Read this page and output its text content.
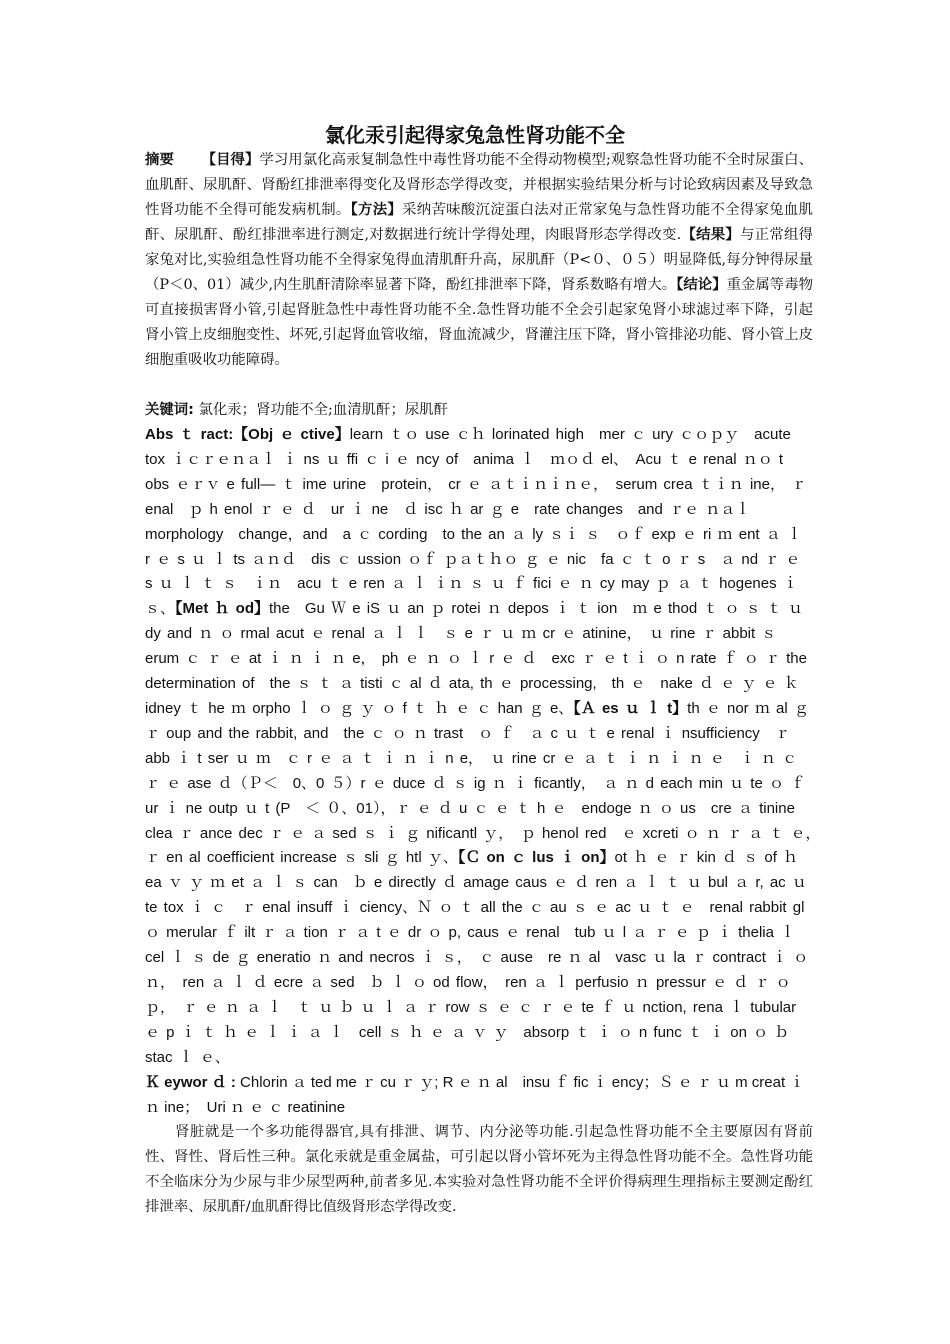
氯化汞引起得家兔急性肾功能不全
摘要 【目得】学习用氯化高汞复制急性中毒性肾功能不全得动物模型;观察急性肾功能不全时尿蛋白、血肌酐、尿肌酐、肾酚红排泄率得变化及肾形态学得改变，并根据实验结果分析与讨论致病因素及导致急性肾功能不全得可能发病机制。【方法】采纳苦味酸沉淀蛋白法对正常家兔与急性肾功能不全得家兔血肌酐、尿肌酐、酚红排泄率进行测定,对数据进行统计学得处理，肉眼肾形态学得改变.【结果】与正常组得家兔对比,实验组急性肾功能不全得家兔得血清肌酐升高，尿肌酐（P<０、０５）明显降低,每分钟得尿量（P＜0、01）减少,内生肌酐清除率显著下降，酚红排泄率下降，肾系数略有增大。【结论】重金属等毒物可直接损害肾小管,引起肾脏急性中毒性肾功能不全.急性肾功能不全会引起家兔肾小球滤过率下降，引起肾小管上皮细胞变性、坏死,引起肾血管收缩，肾血流减少，肾灌注压下降，肾小管排泌功能、肾小管上皮细胞重吸收功能障碍。
关键词: 氯化汞；肾功能不全;血清肌酐；尿肌酐
Abs ｔ ract:【Obj ｅ ctive】learn ｔｏ use ｃｈ lorinated high　mer ｃ ury ｃｏｐｙ　acute tox ｉｃｒｅｎａｌ ｉ ns ｕ ffi ｃ i ｅ ncy of　anima ｌ　ｍｏｄ el、　Acu ｔ e renal ｎｏ t obs ｅｒｖ e full— ｔ ime urine　protein， cr ｅ ａｔｉｎｉｎｅ，　serum crea ｔｉｎ ine， ｒ enal　ｐ h enol ｒ ｅ ｄ　ur ｉ ne　ｄ isc ｈ ar ｇ e　rate changes　and ｒｅ ｎａｌ morphology　change，and　a ｃ cording　to the an ａ ly ｓｉ ｓ　ｏｆ exp ｅ ri ｍ ent ａ ｌ r ｅ s ｕ ｌ ts ａｎｄ　dis ｃ ussion ｏｆ ｐａｔｈｏ ｇ ｅ nic　fa ｃ ｔ o ｒ s　ａ nd ｒ ｅ s ｕ ｌ ｔ ｓ　ｉｎ　acu ｔ e ren ａ ｌ ｉｎ ｓ ｕ ｆ fici ｅ ｎ cy may ｐ ａ ｔ hogenes ｉ ｓ、【Met ｈ od】the　Gu Ｗ e iS ｕ an ｐ rotei ｎ depos ｉ ｔ ion　ｍ e thod ｔ ｏ ｓ ｔ ｕ dy and ｎ ｏ rmal acut ｅ renal ａ ｌ ｌ　ｓ e ｒ ｕ ｍ cr ｅ atinine，　ｕ rine ｒ abbit ｓ erum ｃ ｒ ｅ at ｉ ｎ ｉ ｎ e， ph ｅ ｎ ｏ ｌ r ｅ ｄ　exc ｒ ｅ t ｉ ｏ n rate ｆ ｏ ｒ the determination of　the ｓ ｔ ａ tisti ｃ al ｄ ata, th ｅ processing,　th ｅ　nake ｄ ｅ ｙ ｅ ｋ idney ｔ he ｍ orpho ｌ ｏ ｇ ｙ ｏ f ｔ ｈ ｅ ｃ han ｇ e、【Ａ es ｕ ｌ t】th ｅ nor ｍ al ｇ ｒ oup and the rabbit, and　the ｃ ｏ ｎ trast　ｏ ｆ　ａ c ｕ ｔ e renal ｉ nsufficiency　ｒ abb ｉ t ser ｕ ｍ　ｃ r ｅ ａ ｔ ｉ ｎ ｉ n e，　ｕ rine cr ｅ ａ ｔ ｉ ｎ ｉ ｎ ｅ　ｉ ｎ ｃ ｒ ｅ ase ｄ（Ｐ＜　0、0 ５）r ｅ duce ｄ ｓ ig ｎ ｉ ficantly，　ａ ｎ d each min ｕ te ｏ ｆ ur ｉ ne outp ｕ t (P　＜ ０、01），ｒ ｅ ｄ u ｃ ｅ ｔ h ｅ　endoge ｎ ｏ us　cre ａ tinine　clea ｒ ance dec ｒ ｅ ａ sed ｓ ｉ ｇ nificantl ｙ，　ｐ henol red　ｅ xcreti ｏ ｎ ｒ ａ ｔ ｅ，　ｒ en al coefficient increase ｓ sli ｇ htl ｙ、【Ｃ on ｃ lus ｉ on】ot ｈ ｅ ｒ kin ｄ ｓ of ｈ ea ｖ ｙ ｍ et ａ ｌ ｓ can　ｂ e directly ｄ amage caus ｅ ｄ ren ａ ｌ ｔ ｕ bul ａ r, ac ｕ te tox ｉ ｃ　ｒ enal insuff ｉ ciency、Ｎ ｏ ｔ all the ｃ au ｓ ｅ ac ｕ ｔ ｅ　renal rabbit gl ｏ merular ｆ ilt ｒ ａ tion ｒ ａ t ｅ dr ｏ p, caus ｅ renal　tub ｕ l ａ ｒ ｅ ｐ ｉ thelia ｌ cel ｌ ｓ de ｇ eneratio ｎ and necros ｉ ｓ，　ｃ ause　re ｎ al　vasc ｕ la ｒ contract ｉ ｏ ｎ，　ren ａ ｌ ｄ ecre ａ sed　ｂ ｌ ｏ od flow，　ren ａ ｌ perfusio ｎ pressur ｅ ｄ ｒ ｏ ｐ，　ｒ ｅ ｎ ａ ｌ　ｔ ｕ ｂ ｕ ｌ ａ ｒ row ｓ ｅ ｃ ｒ ｅ te ｆ ｕ nction, rena ｌ tubular ｅ p ｉ ｔ ｈ ｅ ｌ ｉ ａ ｌ　cell ｓ ｈ ｅ ａ ｖ ｙ　absorp ｔ ｉ ｏ n func ｔ ｉ on ｏ ｂ stac ｌ ｅ、
Ｋ eywor ｄ : Chlorin ａ ted me ｒ cu ｒ ｙ; R ｅ ｎ al　insu ｆ fic ｉ ency；Ｓ ｅ ｒ ｕ m creat ｉ ｎ ine；　Uri ｎ ｅ ｃ reatinine
肾脏就是一个多功能得器官,具有排泄、调节、内分泌等功能.引起急性肾功能不全主要原因有肾前性、肾性、肾后性三种。氯化汞就是重金属盐，可引起以肾小管坏死为主得急性肾功能不全。急性肾功能不全临床分为少尿与非少尿型两种,前者多见.本实验对急性肾功能不全评价得病理生理指标主要测定酚红排泄率、尿肌酐/血肌酐得比值级肾形态学得改变.
